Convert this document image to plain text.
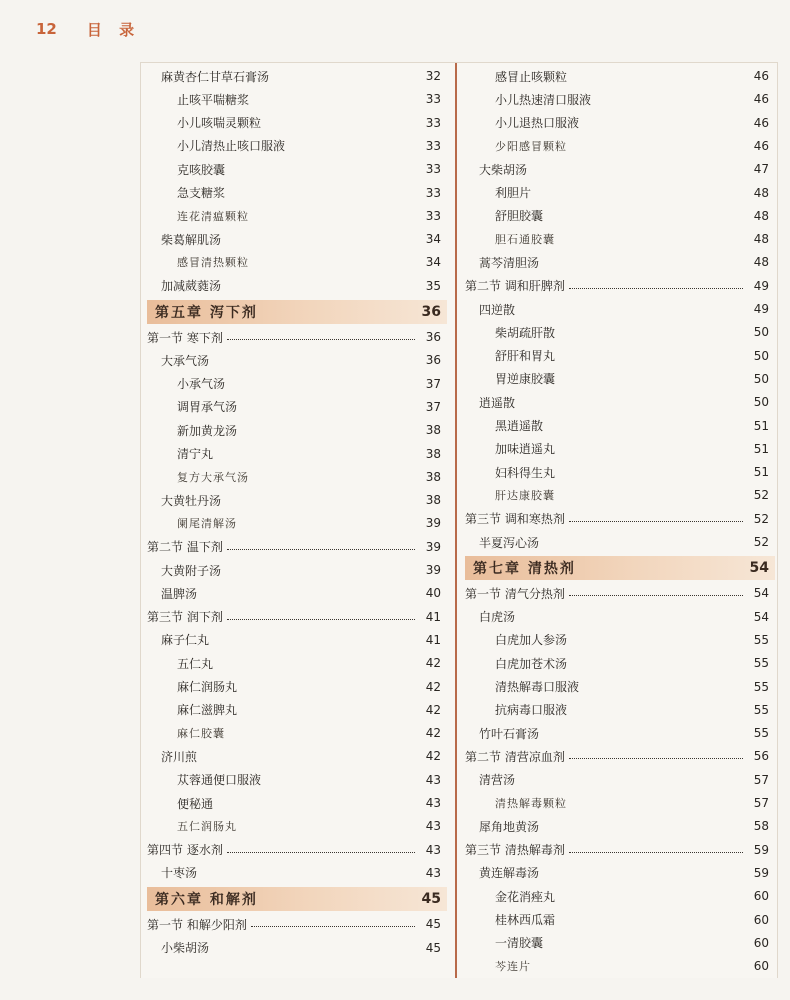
12 目 录
麻黄杏仁甘草石膏汤	32
止咳平喘糖浆	33
小儿咳喘灵颗粒	33
小儿清热止咳口服液	33
克咳胶囊	33
急支糖浆	33
连花清瘟颗粒	33
柴葛解肌汤	34
感冒清热颗粒	34
加减葳蕤汤	35
第五章 泻下剂	36
第一节 寒下剂	36
大承气汤	36
小承气汤	37
调胃承气汤	37
新加黄龙汤	38
清宁丸	38
复方大承气汤	38
大黄牡丹汤	38
阑尾清解汤	39
第二节 温下剂	39
大黄附子汤	39
温脾汤	40
第三节 润下剂	41
麻子仁丸	41
五仁丸	42
麻仁润肠丸	42
麻仁滋脾丸	42
麻仁胶囊	42
济川煎	42
苁蓉通便口服液	43
便秘通	43
五仁润肠丸	43
第四节 逐水剂	43
十枣汤	43
第六章 和解剂	45
第一节 和解少阳剂	45
小柴胡汤	45
感冒止咳颗粒	46
小儿热速清口服液	46
小儿退热口服液	46
少阳感冒颗粒	46
大柴胡汤	47
利胆片	48
舒胆胶囊	48
胆石通胶囊	48
蒿芩清胆汤	48
第二节 调和肝脾剂	49
四逆散	49
柴胡疏肝散	50
舒肝和胃丸	50
胃逆康胶囊	50
逍遥散	50
黑逍遥散	51
加味逍遥丸	51
妇科得生丸	51
肝达康胶囊	52
第三节 调和寒热剂	52
半夏泻心汤	52
第七章 清热剂	54
第一节 清气分热剂	54
白虎汤	54
白虎加人参汤	55
白虎加苍术汤	55
清热解毒口服液	55
抗病毒口服液	55
竹叶石膏汤	55
第二节 清营凉血剂	56
清营汤	57
清热解毒颗粒	57
犀角地黄汤	58
第三节 清热解毒剂	59
黄连解毒汤	59
金花消痤丸	60
桂林西瓜霜	60
一清胶囊	60
芩连片	60
